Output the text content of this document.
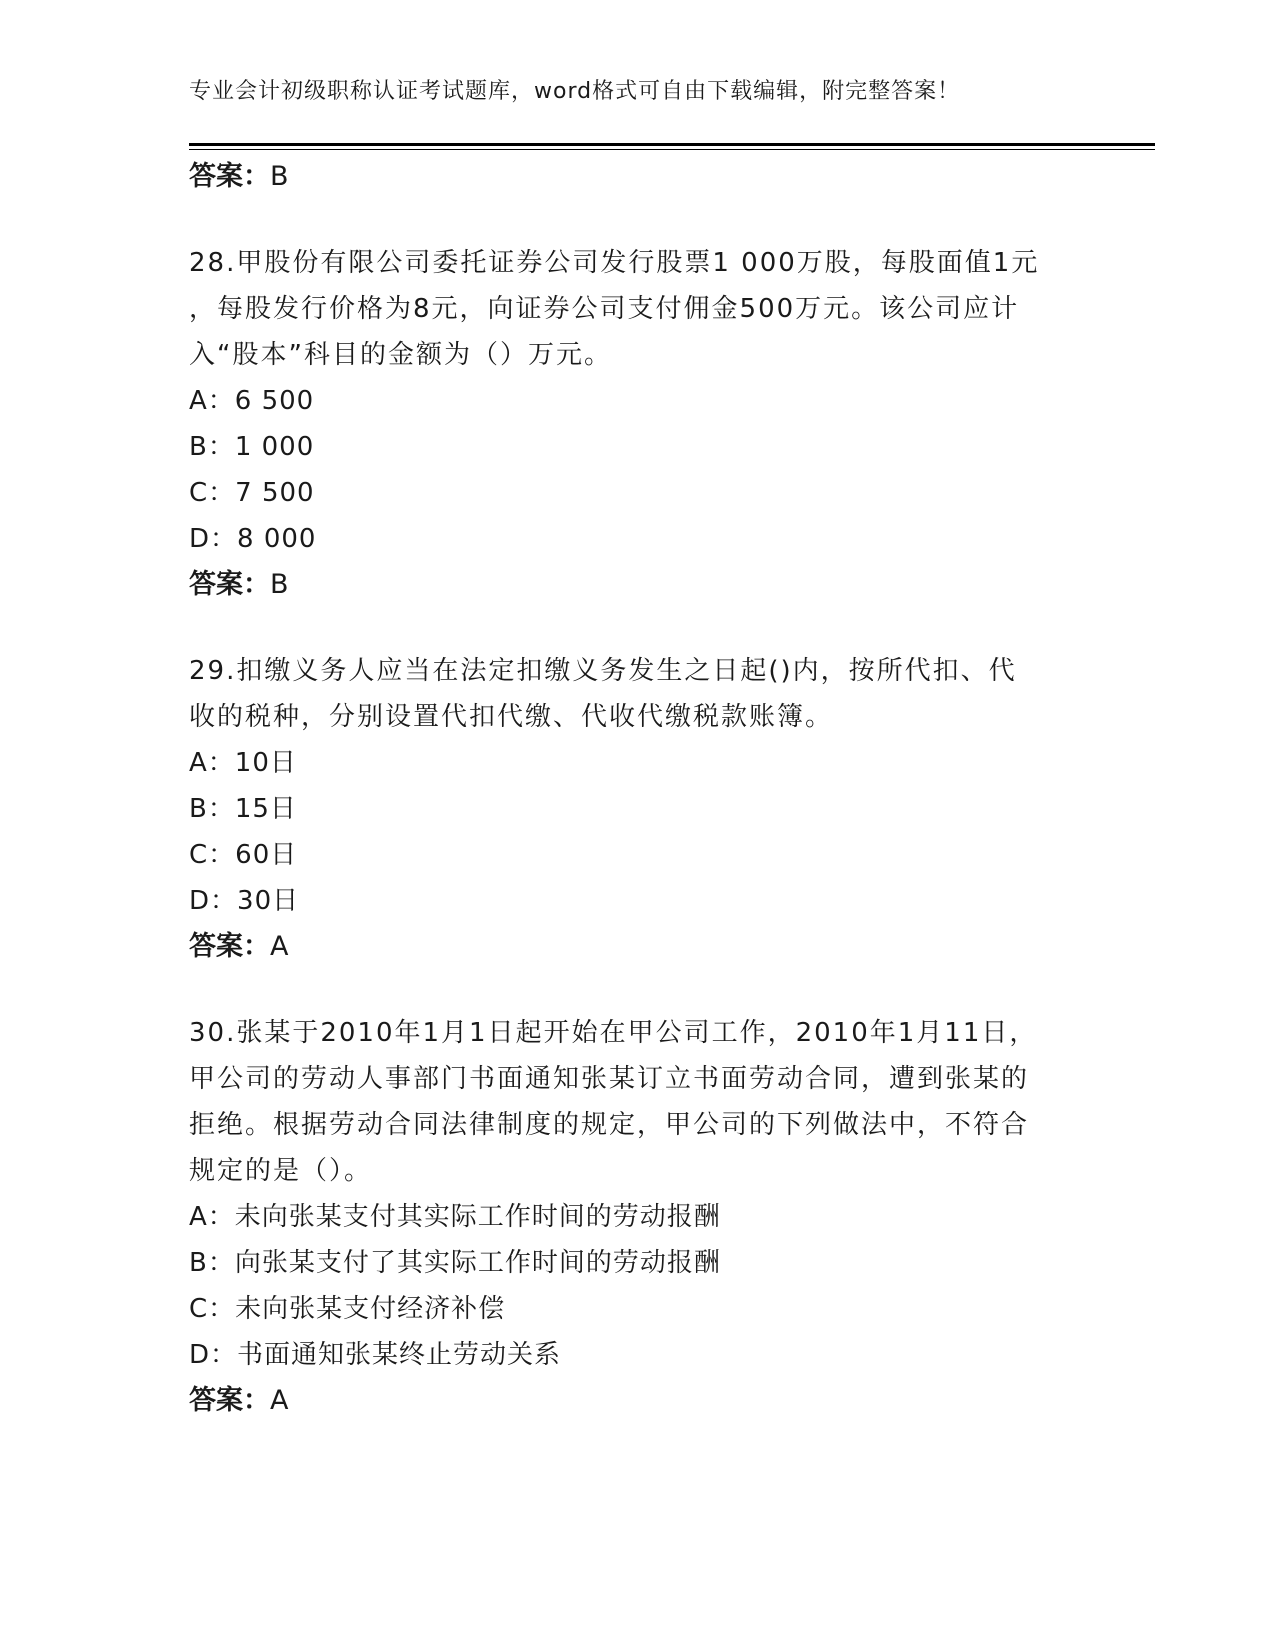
专业会计初级职称认证考试题库，word格式可自由下载编辑，附完整答案！
答案：B
28.甲股份有限公司委托证券公司发行股票1 000万股，每股面值1元
，每股发行价格为8元，向证券公司支付佣金500万元。该公司应计
入“股本”科目的金额为（）万元。
A：6 500
B：1 000
C：7 500
D：8 000
答案：B
29.扣缴义务人应当在法定扣缴义务发生之日起()内，按所代扣、代
收的税种，分别设置代扣代缴、代收代缴税款账簿。
A：10日
B：15日
C：60日
D：30日
答案：A
30.张某于2010年1月1日起开始在甲公司工作，2010年1月11日，
甲公司的劳动人事部门书面通知张某订立书面劳动合同，遭到张某的
拒绝。根据劳动合同法律制度的规定，甲公司的下列做法中，不符合
规定的是（）。
A：未向张某支付其实际工作时间的劳动报酬
B：向张某支付了其实际工作时间的劳动报酬
C：未向张某支付经济补偿
D：书面通知张某终止劳动关系
答案：A
